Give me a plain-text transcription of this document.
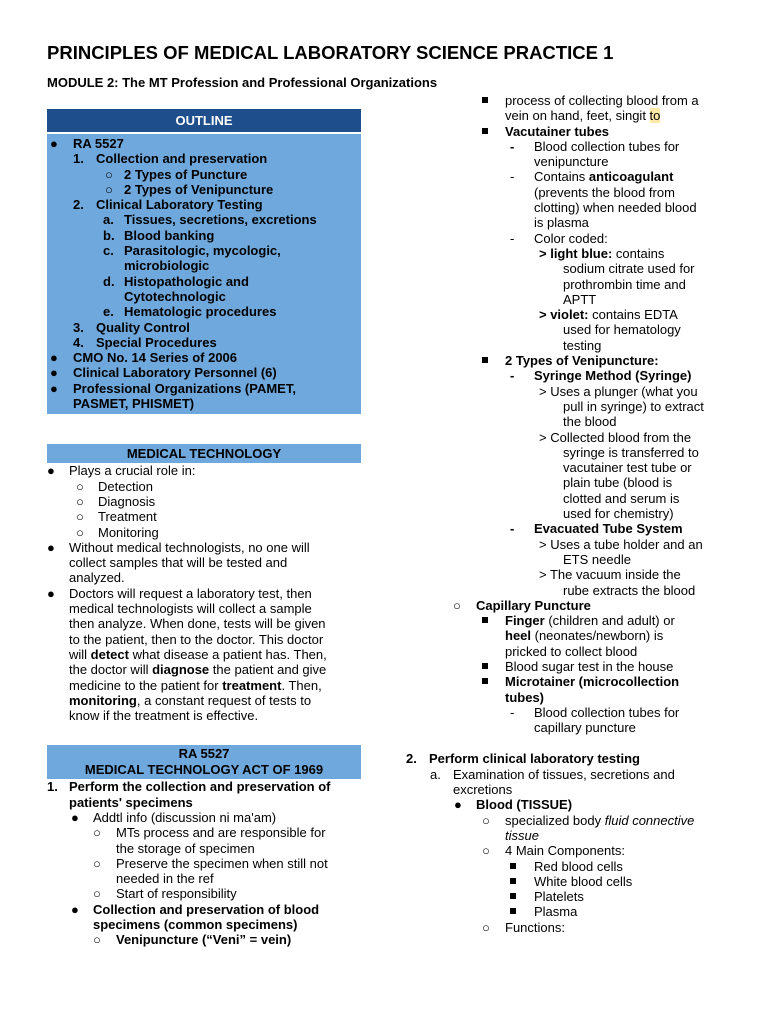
PRINCIPLES OF MEDICAL LABORATORY SCIENCE PRACTICE 1
MODULE 2: The MT Profession and Professional Organizations
OUTLINE
● RA 5527
1. Collection and preservation
○ 2 Types of Puncture
○ 2 Types of Venipuncture
2. Clinical Laboratory Testing
a. Tissues, secretions, excretions
b. Blood banking
c. Parasitologic, mycologic,
microbiologic
d. Histopathologic and
Cytotechnologic
e. Hematologic procedures
3. Quality Control
4. Special Procedures
● CMO No. 14 Series of 2006
● Clinical Laboratory Personnel (6)
● Professional Organizations (PAMET,
PASMET, PHISMET)
MEDICAL TECHNOLOGY
● Plays a crucial role in:
○ Detection
○ Diagnosis
○ Treatment
○ Monitoring
● Without medical technologists, no one will
collect samples that will be tested and
analyzed.
● Doctors will request a laboratory test, then
medical technologists will collect a sample
then analyze. When done, tests will be given
to the patient, then to the doctor. This doctor
will detect what disease a patient has. Then,
the doctor will diagnose the patient and give
medicine to the patient for treatment. Then,
monitoring, a constant request of tests to
know if the treatment is effective.
RA 5527
MEDICAL TECHNOLOGY ACT OF 1969
1. Perform the collection and preservation of
patients' specimens
● Addtl info (discussion ni ma'am)
○ MTs process and are responsible for
the storage of specimen
○ Preserve the specimen when still not
needed in the ref
○ Start of responsibility
● Collection and preservation of blood
specimens (common specimens)
○ Venipuncture (“Veni” = vein)
process of collecting blood from a
vein on hand, feet, singit to
Vacutainer tubes
- Blood collection tubes for
venipuncture
- Contains anticoagulant
(prevents the blood from
clotting) when needed blood
is plasma
- Color coded:
> light blue: contains
sodium citrate used for
prothrombin time and
APTT
> violet: contains EDTA
used for hematology
testing
2 Types of Venipuncture:
- Syringe Method (Syringe)
> Uses a plunger (what you
pull in syringe) to extract
the blood
> Collected blood from the
syringe is transferred to
vacutainer test tube or
plain tube (blood is
clotted and serum is
used for chemistry)
- Evacuated Tube System
> Uses a tube holder and an
ETS needle
> The vacuum inside the
rube extracts the blood
○ Capillary Puncture
Finger (children and adult) or
heel (neonates/newborn) is
pricked to collect blood
Blood sugar test in the house
Microtainer (microcollection
tubes)
- Blood collection tubes for
capillary puncture
2. Perform clinical laboratory testing
a. Examination of tissues, secretions and
excretions
● Blood (TISSUE)
○ specialized body fluid connective
tissue
○ 4 Main Components:
Red blood cells
White blood cells
Platelets
Plasma
○ Functions:
